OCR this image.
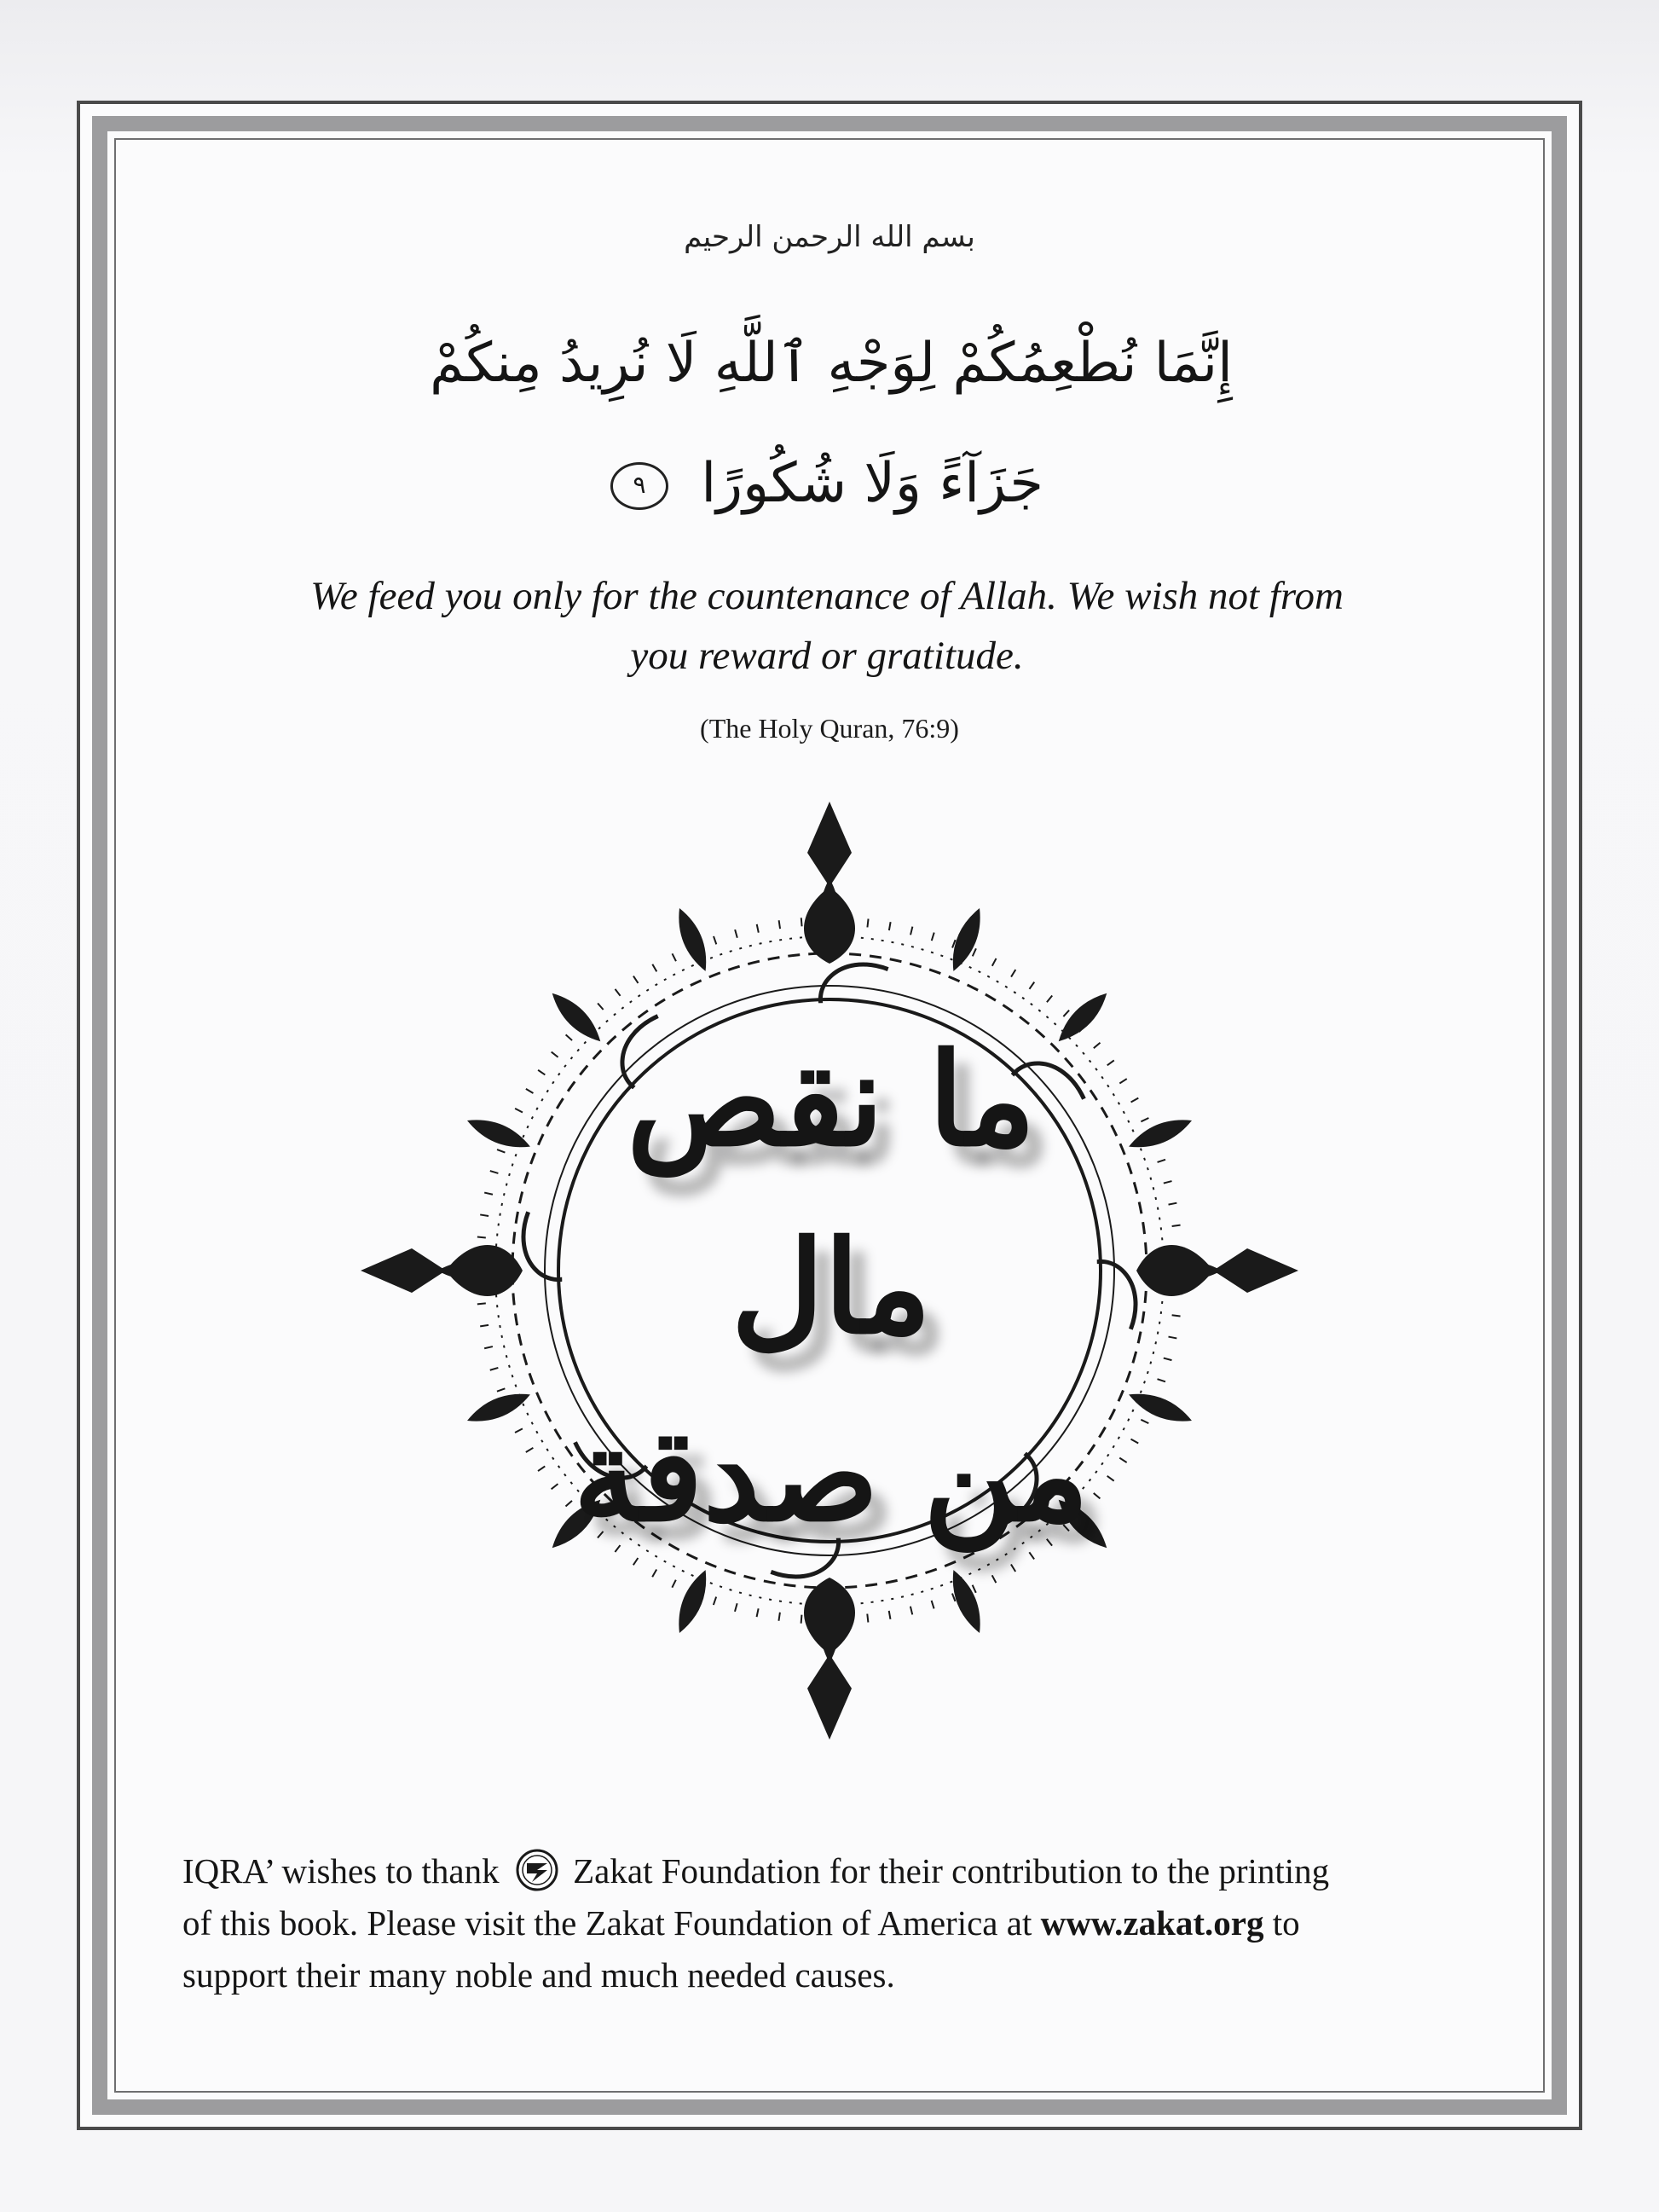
بسم الله الرحمن الرحيم
إِنَّمَا نُطْعِمُكُمْ لِوَجْهِ ٱللَّهِ لَا نُرِيدُ مِنكُمْ
جَزَآءً وَلَا شُكُورًا ٩
We feed you only for the countenance of Allah. We wish not from
you reward or gratitude.
(The Holy Quran, 76:9)
ما نقص مال
من صدقة
IQRA’ wishes to thank Zakat Foundation for their contribution to the printing
of this book. Please visit the Zakat Foundation of America at www.zakat.org to
support their many noble and much needed causes.
